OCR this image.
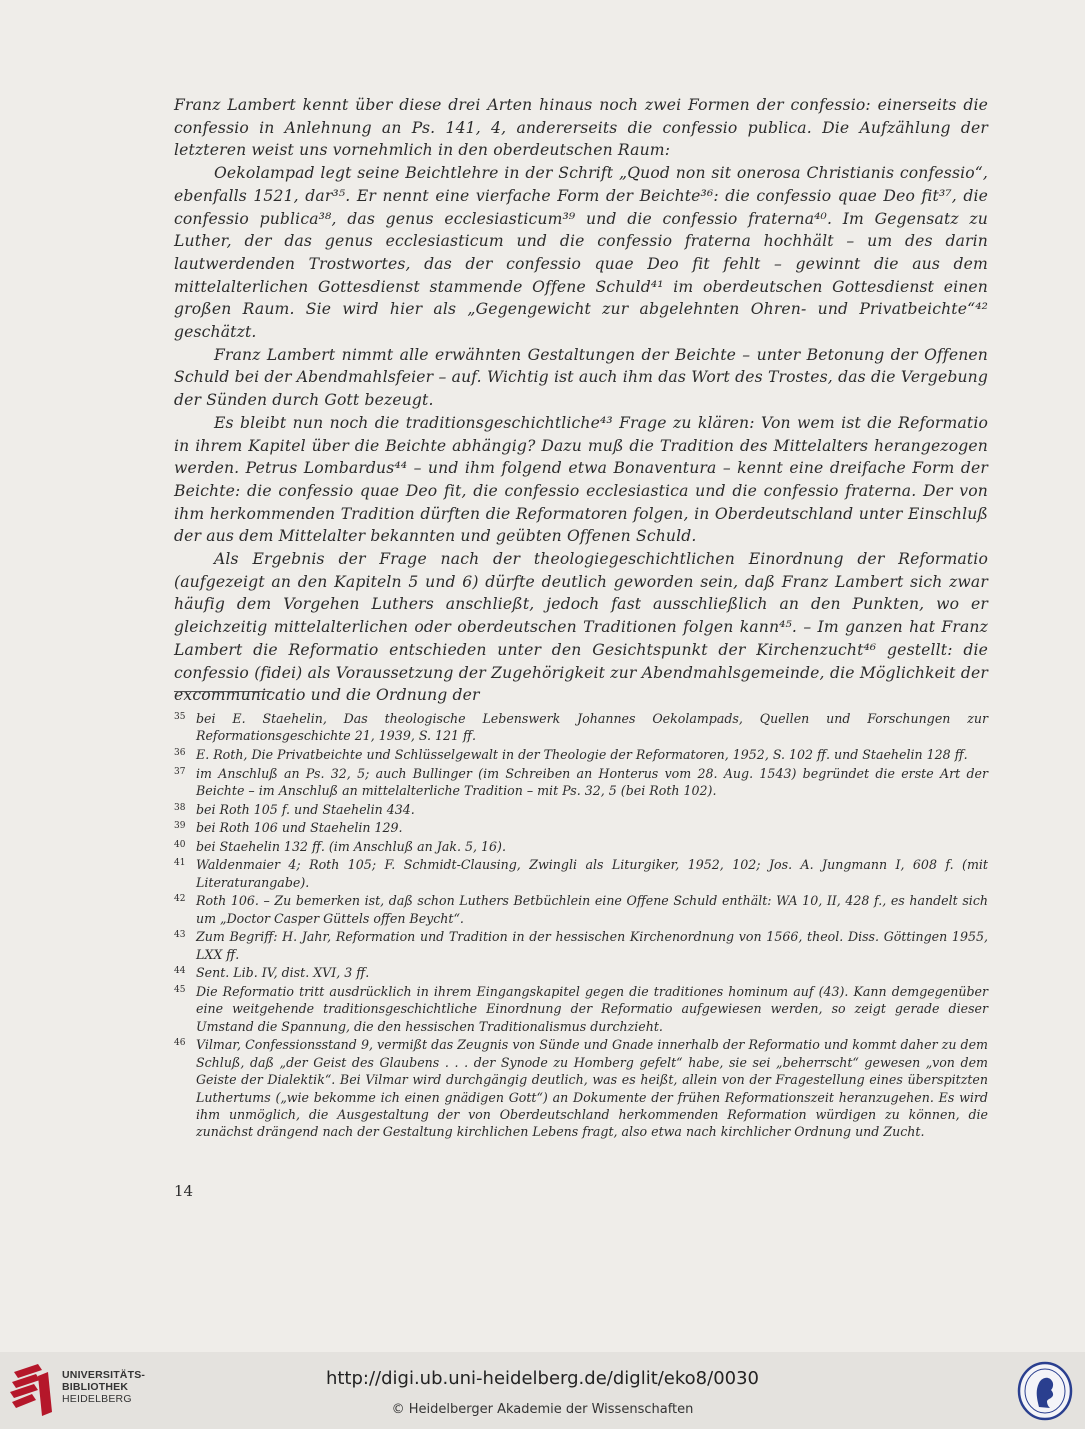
Franz Lambert kennt über diese drei Arten hinaus noch zwei Formen der confessio: einerseits die confessio in Anlehnung an Ps. 141, 4, andererseits die confessio publica. Die Aufzählung der letzteren weist uns vornehmlich in den oberdeutschen Raum:

Oekolampad legt seine Beichtlehre in der Schrift „Quod non sit onerosa Christianis confessio“, ebenfalls 1521, dar³⁵. Er nennt eine vierfache Form der Beichte³⁶: die confessio quae Deo fit³⁷, die confessio publica³⁸, das genus ecclesiasticum³⁹ und die confessio fraterna⁴⁰. Im Gegensatz zu Luther, der das genus ecclesiasticum und die confessio fraterna hochhält – um des darin lautwerdenden Trostwortes, das der confessio quae Deo fit fehlt – gewinnt die aus dem mittelalterlichen Gottesdienst stammende Offene Schuld⁴¹ im oberdeutschen Gottesdienst einen großen Raum. Sie wird hier als „Gegengewicht zur abgelehnten Ohren- und Privatbeichte“⁴² geschätzt.

Franz Lambert nimmt alle erwähnten Gestaltungen der Beichte – unter Betonung der Offenen Schuld bei der Abendmahlsfeier – auf. Wichtig ist auch ihm das Wort des Trostes, das die Vergebung der Sünden durch Gott bezeugt.

Es bleibt nun noch die traditionsgeschichtliche⁴³ Frage zu klären: Von wem ist die Reformatio in ihrem Kapitel über die Beichte abhängig? Dazu muß die Tradition des Mittelalters herangezogen werden. Petrus Lombardus⁴⁴ – und ihm folgend etwa Bonaventura – kennt eine dreifache Form der Beichte: die confessio quae Deo fit, die confessio ecclesiastica und die confessio fraterna. Der von ihm herkommenden Tradition dürften die Reformatoren folgen, in Oberdeutschland unter Einschluß der aus dem Mittelalter bekannten und geübten Offenen Schuld.

Als Ergebnis der Frage nach der theologiegeschichtlichen Einordnung der Reformatio (aufgezeigt an den Kapiteln 5 und 6) dürfte deutlich geworden sein, daß Franz Lambert sich zwar häufig dem Vorgehen Luthers anschließt, jedoch fast ausschließlich an den Punkten, wo er gleichzeitig mittelalterlichen oder oberdeutschen Traditionen folgen kann⁴⁵. – Im ganzen hat Franz Lambert die Reformatio entschieden unter den Gesichtspunkt der Kirchenzucht⁴⁶ gestellt: die confessio (fidei) als Voraussetzung der Zugehörigkeit zur Abendmahlsgemeinde, die Möglichkeit der excommunicatio und die Ordnung der

35 bei E. Staehelin, Das theologische Lebenswerk Johannes Oekolampads, Quellen und Forschungen zur Reformationsgeschichte 21, 1939, S. 121 ff.
36 E. Roth, Die Privatbeichte und Schlüsselgewalt in der Theologie der Reformatoren, 1952, S. 102 ff. und Staehelin 128 ff.
37 im Anschluß an Ps. 32, 5; auch Bullinger (im Schreiben an Honterus vom 28. Aug. 1543) begründet die erste Art der Beichte – im Anschluß an mittelalterliche Tradition – mit Ps. 32, 5 (bei Roth 102).
38 bei Roth 105 f. und Staehelin 434.
39 bei Roth 106 und Staehelin 129.
40 bei Staehelin 132 ff. (im Anschluß an Jak. 5, 16).
41 Waldenmaier 4; Roth 105; F. Schmidt-Clausing, Zwingli als Liturgiker, 1952, 102; Jos. A. Jungmann I, 608 f. (mit Literaturangabe).
42 Roth 106. – Zu bemerken ist, daß schon Luthers Betbüchlein eine Offene Schuld enthält: WA 10, II, 428 f., es handelt sich um „Doctor Casper Güttels offen Beycht“.
43 Zum Begriff: H. Jahr, Reformation und Tradition in der hessischen Kirchenordnung von 1566, theol. Diss. Göttingen 1955, LXX ff.
44 Sent. Lib. IV, dist. XVI, 3 ff.
45 Die Reformatio tritt ausdrücklich in ihrem Eingangskapitel gegen die traditiones hominum auf (43). Kann demgegenüber eine weitgehende traditionsgeschichtliche Einordnung der Reformatio aufgewiesen werden, so zeigt gerade dieser Umstand die Spannung, die den hessischen Traditionalismus durchzieht.
46 Vilmar, Confessionsstand 9, vermißt das Zeugnis von Sünde und Gnade innerhalb der Reformatio und kommt daher zu dem Schluß, daß „der Geist des Glaubens . . . der Synode zu Homberg gefelt“ habe, sie sei „beherrscht“ gewesen „von dem Geiste der Dialektik“. Bei Vilmar wird durchgängig deutlich, was es heißt, allein von der Fragestellung eines überspitzten Luthertums („wie bekomme ich einen gnädigen Gott“) an Dokumente der frühen Reformationszeit heranzugehen. Es wird ihm unmöglich, die Ausgestaltung der von Oberdeutschland herkommenden Reformation würdigen zu können, die zunächst drängend nach der Gestaltung kirchlichen Lebens fragt, also etwa nach kirchlicher Ordnung und Zucht.
14
UNIVERSITÄTS-
BIBLIOTHEK
HEIDELBERG
http://digi.ub.uni-heidelberg.de/diglit/eko8/0030
© Heidelberger Akademie der Wissenschaften
